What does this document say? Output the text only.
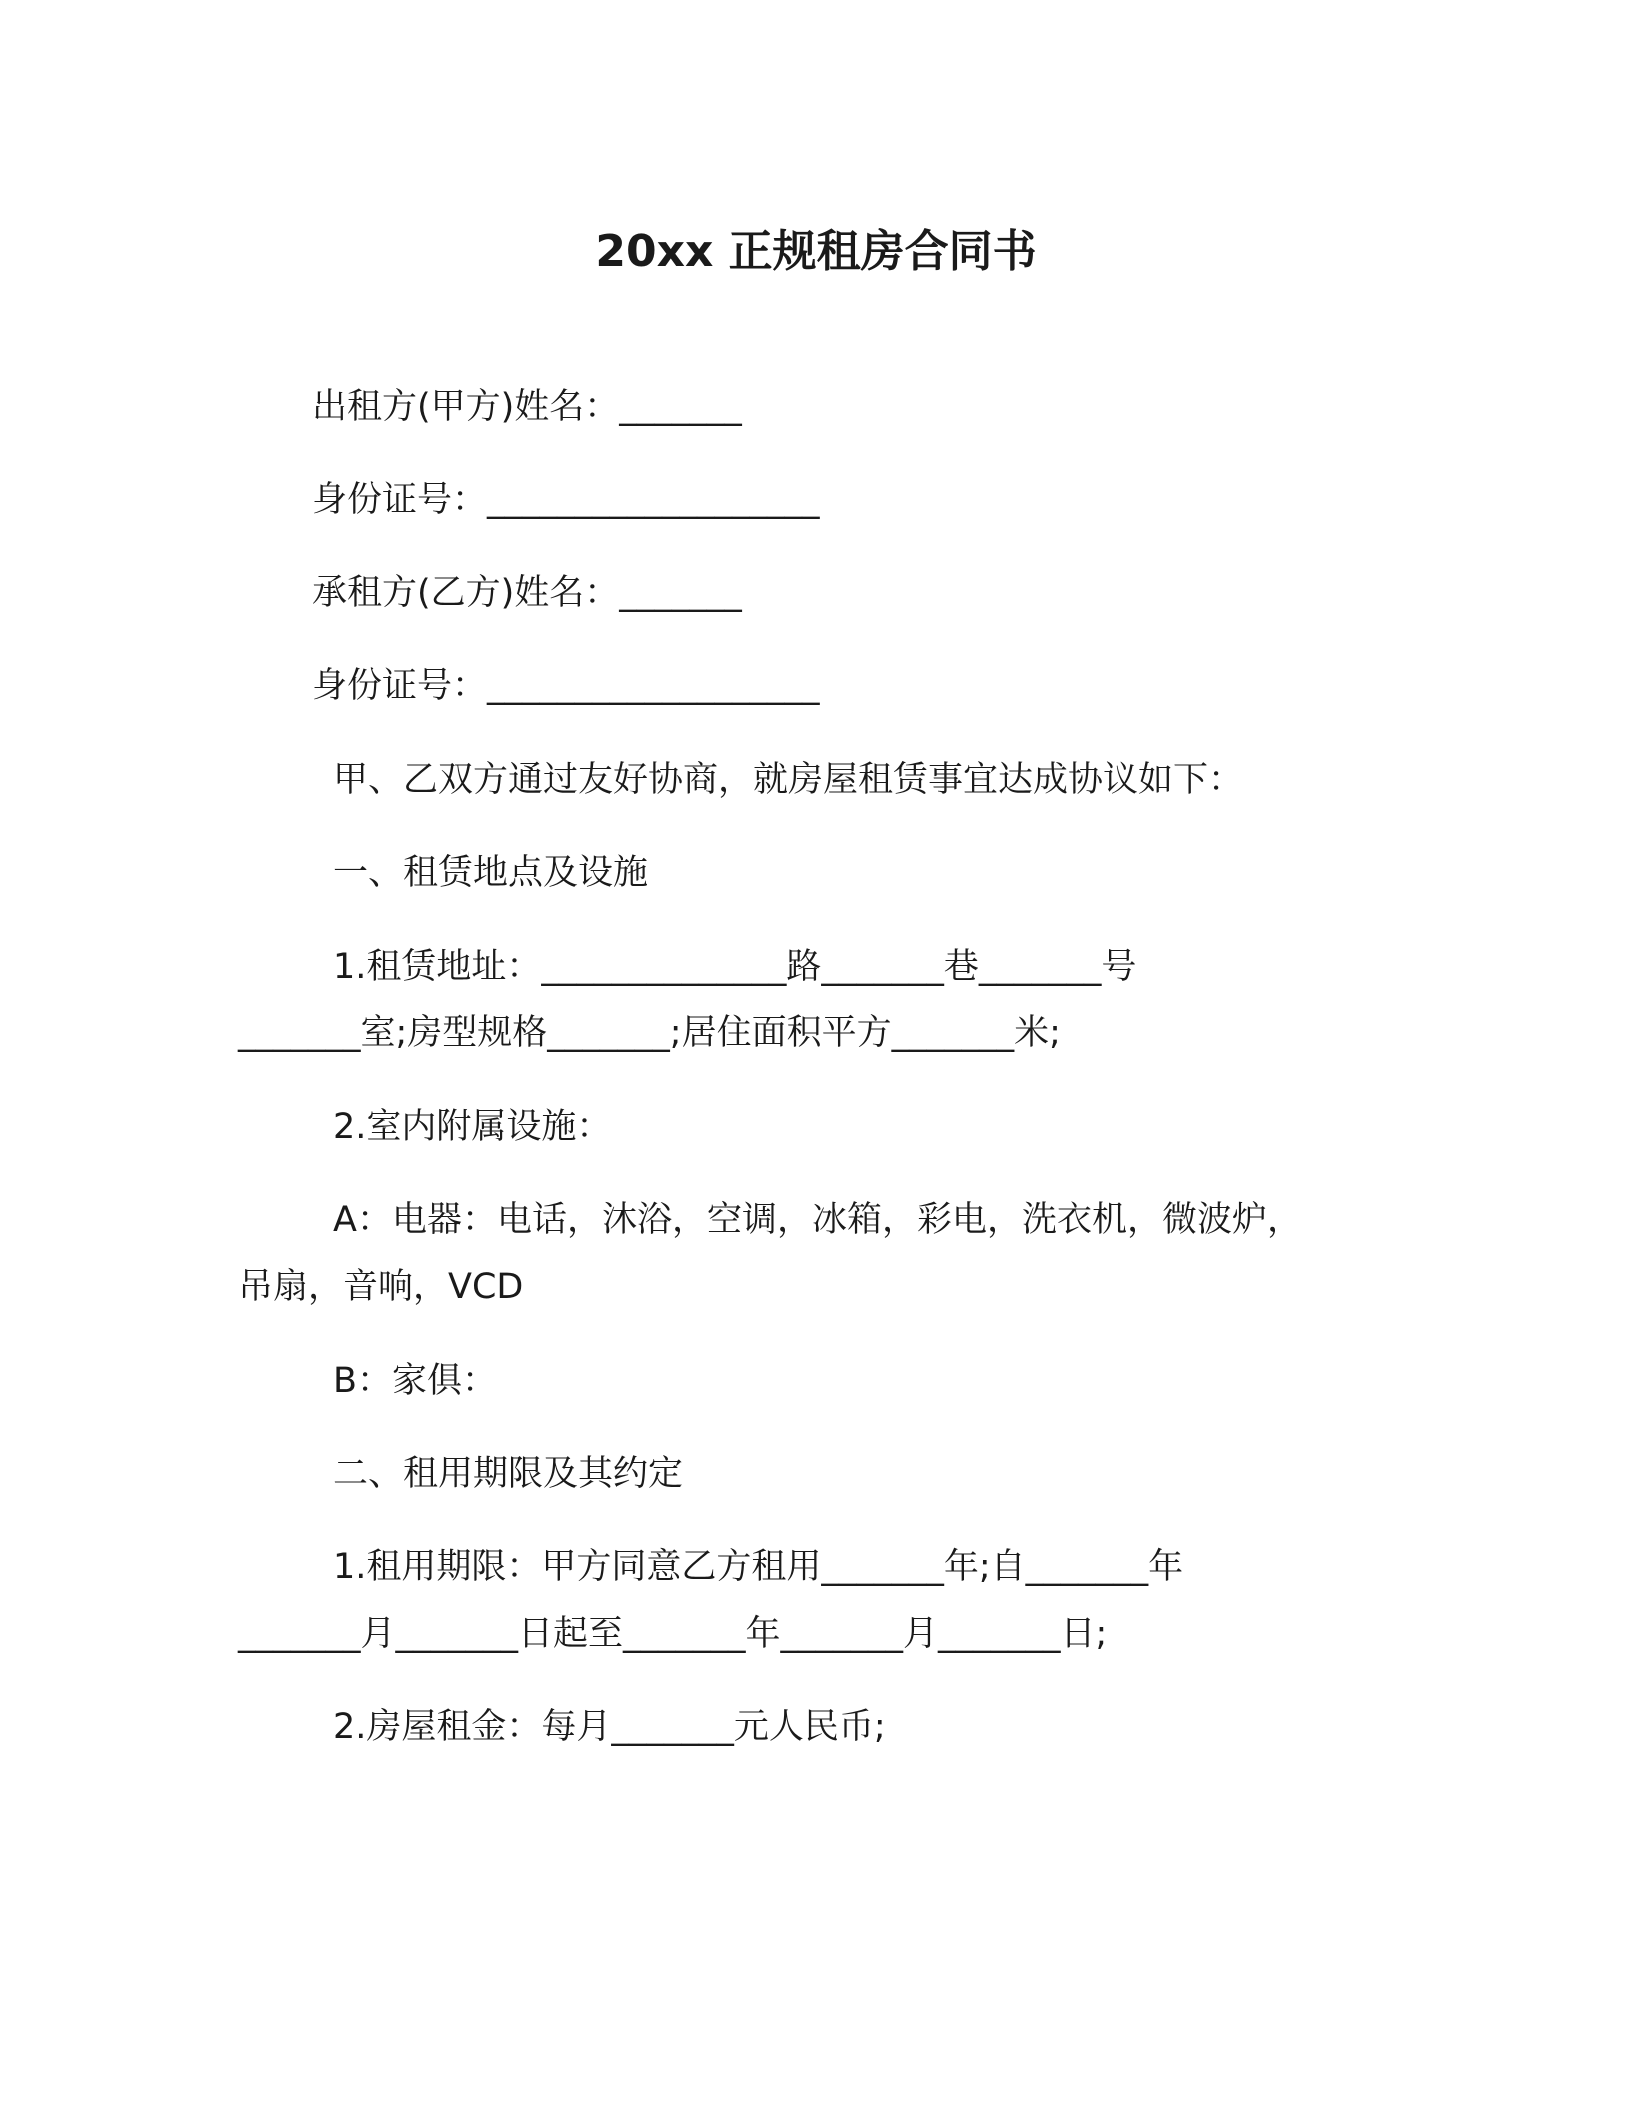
20xx 正规租房合同书
出租方(甲方)姓名：_______
身份证号：___________________
承租方(乙方)姓名：_______
身份证号：___________________
甲、乙双方通过友好协商，就房屋租赁事宜达成协议如下：
一、租赁地点及设施
1.租赁地址：______________路_______巷_______号
_______室;房型规格_______;居住面积平方_______米;
2.室内附属设施：
A：电器：电话，沐浴，空调，冰箱，彩电，洗衣机，微波炉，
吊扇，音响，VCD
B：家俱：
二、租用期限及其约定
1.租用期限：甲方同意乙方租用_______年;自_______年
_______月_______日起至_______年_______月_______日;
2.房屋租金：每月_______元人民币;
